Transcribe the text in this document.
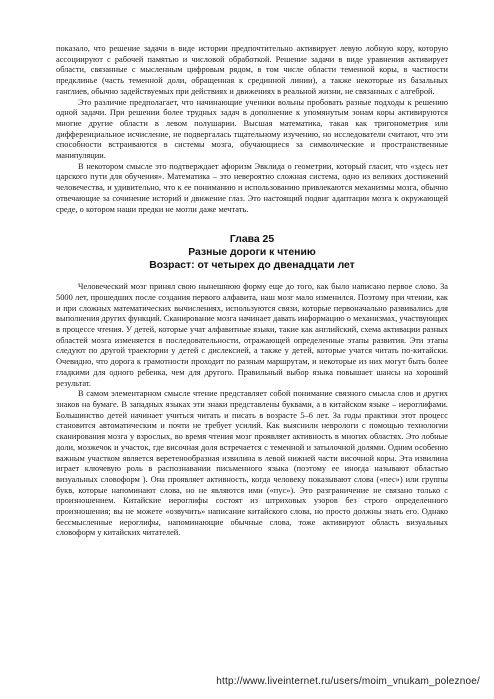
показало, что решение задачи в виде истории предпочтительно активирует левую лобную кору, которую ассоциируют с рабочей памятью и числовой обработкой. Решение задачи в виде уравнения активирует области, связанные с мысленным цифровым рядом, в том числе области теменной коры, в частности предклинье (часть теменной доли, обращенная к срединной линии), а также некоторые из базальных ганглиев, обычно задействуемых при действиях и движениях в реальной жизни, не связанных с алгеброй.

Это различие предполагает, что начинающие ученики вольны пробовать разные подходы к решению одной задачи. При решении более трудных задач в дополнение к упомянутым зонам коры активируются многие другие области в левом полушарии. Высшая математика, такая как тригонометрия или дифференциальное исчисление, не подвергалась тщательному изучению, но исследователи считают, что эти способности встраиваются в системы мозга, обучающиеся за символические и пространственные манипуляции.

В некотором смысле это подтверждает афоризм Эвклида о геометрии, который гласит, что «здесь нет царского пути для обучения». Математика – это невероятно сложная система, одно из великих достижений человечества, и удивительно, что к ее пониманию и использованию привлекаются механизмы мозга, обычно отвечающие за сочинение историй и движение глаз. Это настоящий подвиг адаптации мозга к окружающей среде, о котором наши предки не могли даже мечтать.

Глава 25
Разные дороги к чтению
Возраст: от четырех до двенадцати лет

Человеческий мозг принял свою нынешнюю форму еще до того, как было написано первое слово. За 5000 лет, прошедших после создания первого алфавита, наш мозг мало изменился. Поэтому при чтении, как и при сложных математических вычислениях, используются связи, которые первоначально развивались для выполнения других функций. Сканирование мозга начинает давать информацию о механизмах, участвующих в процессе чтения. У детей, которые учат алфавитные языки, такие как английский, схема активации разных областей мозга изменяется в последовательности, отражающей определенные этапы развития. Эти этапы следуют по другой траектории у детей с дислексией, а также у детей, которые учатся читать по-китайски. Очевидно, что дорога к грамотности проходит по разным маршрутам, и некоторые из них могут быть более гладкими для одного ребенка, чем для другого. Правильный выбор языка повышает шансы на хороший результат.

В самом элементарном смысле чтение представляет собой понимание связного смысла слов и других знаков на бумаге. В западных языках эти знаки представлены буквами, а в китайском языке – иероглифами. Большинство детей начинает учиться читать и писать в возрасте 5–6 лет. За годы практики этот процесс становится автоматическим и почти не требует усилий. Как выяснили неврологи с помощью технологии сканирования мозга у взрослых, во время чтения мозг проявляет активность в многих областях. Это лобные доли, мозжечок и участок, где височная доля встречается с теменной и затылочной долями. Одним особенно важным участком является веретенообразная извилина в левой нижней части височной коры. Эта извилина играет ключевую роль в распознавании письменного языка (поэтому ее иногда называют областью визуальных словоформ ). Она проявляет активность, когда человеку показывают слова («пес») или группы букв, которые напоминают слова, но не являются ими («пус»). Это разграничение не связано только с произношением. Китайские иероглифы состоят из штриховых узоров без строго определенного произношения; вы не можете «озвучить» написание китайского слова, но просто должны знать его. Однако бессмысленные иероглифы, напоминающие обычные слова, тоже активируют область визуальных словоформ у китайских читателей.

http://www.liveinternet.ru/users/moim_vnukam_poleznoe/
